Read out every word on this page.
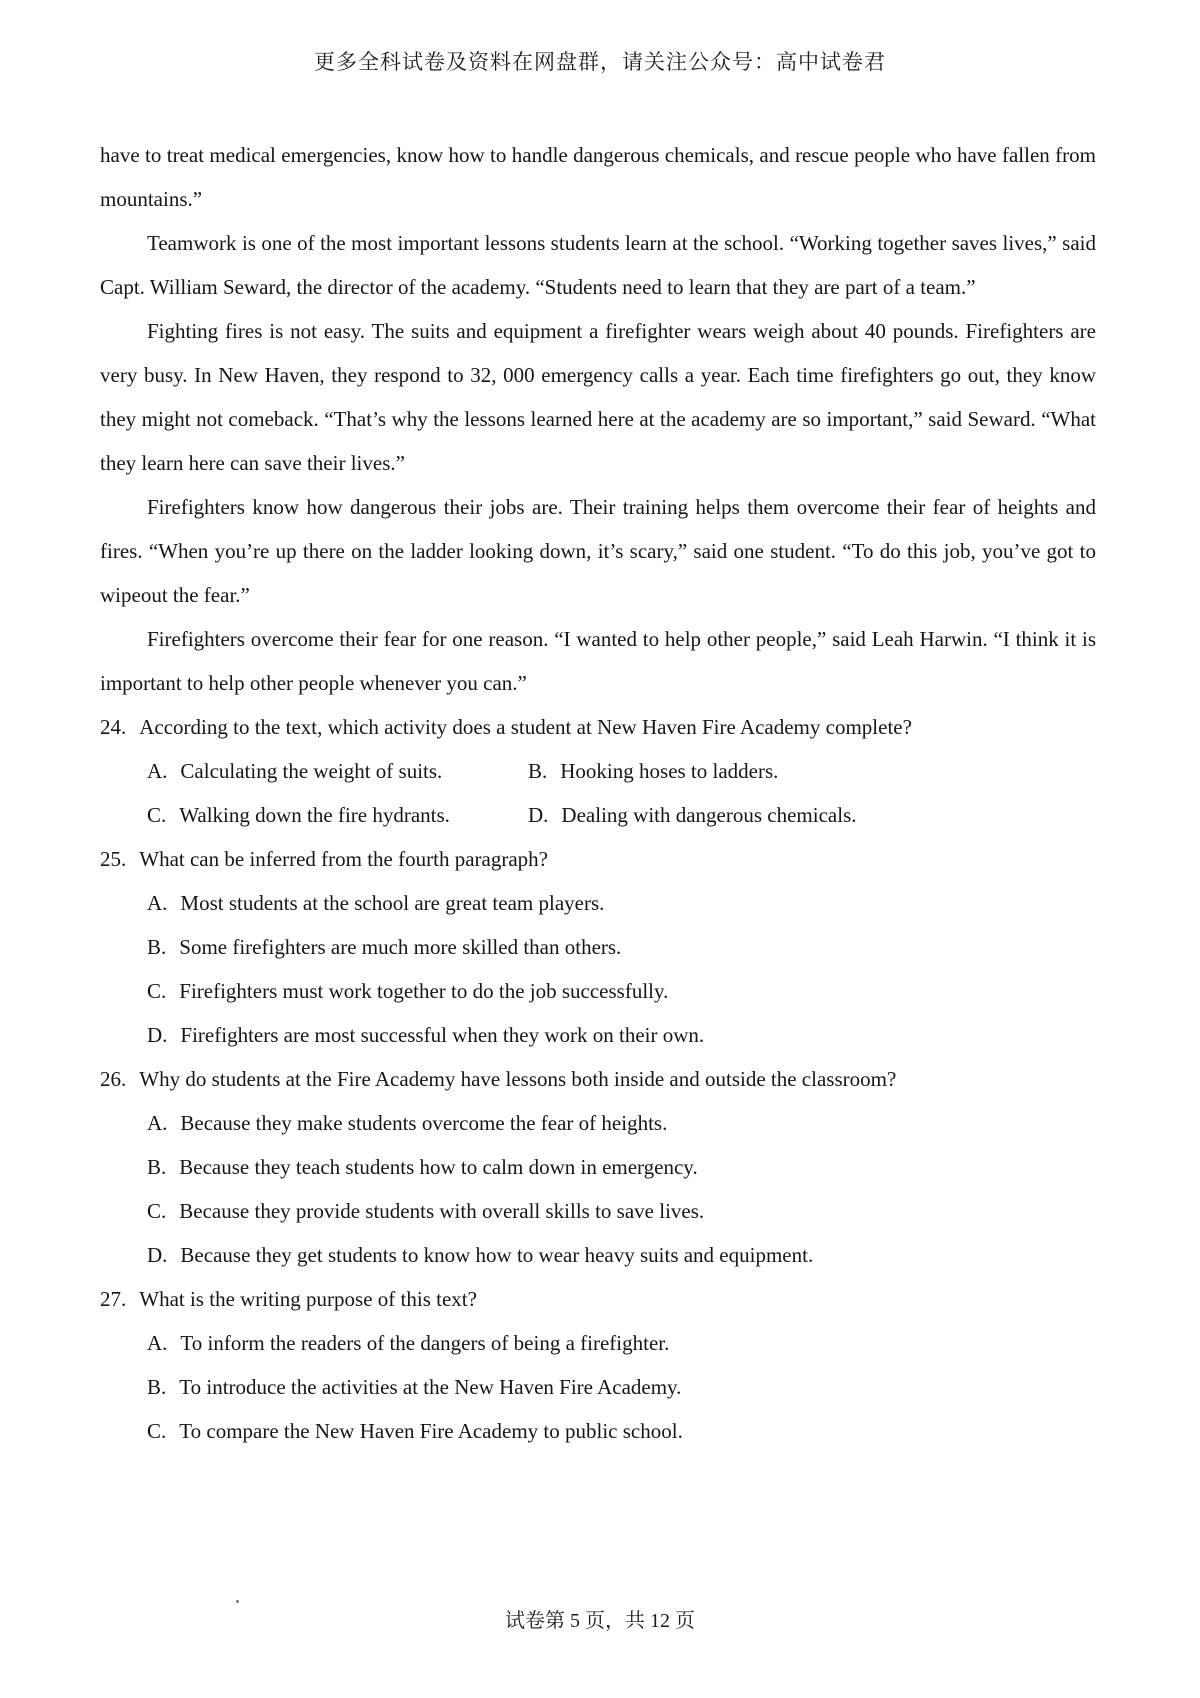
更多全科试卷及资料在网盘群，请关注公众号：高中试卷君

have to treat medical emergencies, know how to handle dangerous chemicals, and rescue people who have fallen from mountains.”

Teamwork is one of the most important lessons students learn at the school. “Working together saves lives,” said Capt. William Seward, the director of the academy. “Students need to learn that they are part of a team.”

Fighting fires is not easy. The suits and equipment a firefighter wears weigh about 40 pounds. Firefighters are very busy. In New Haven, they respond to 32, 000 emergency calls a year. Each time firefighters go out, they know they might not comeback. “That’s why the lessons learned here at the academy are so important,” said Seward. “What they learn here can save their lives.”

Firefighters know how dangerous their jobs are. Their training helps them overcome their fear of heights and fires. “When you’re up there on the ladder looking down, it’s scary,” said one student. “To do this job, you’ve got to wipeout the fear.”

Firefighters overcome their fear for one reason. “I wanted to help other people,” said Leah Harwin. “I think it is important to help other people whenever you can.”

24. According to the text, which activity does a student at New Haven Fire Academy complete?
A. Calculating the weight of suits.	B. Hooking hoses to ladders.
C. Walking down the fire hydrants.	D. Dealing with dangerous chemicals.
25. What can be inferred from the fourth paragraph?
A. Most students at the school are great team players.
B. Some firefighters are much more skilled than others.
C. Firefighters must work together to do the job successfully.
D. Firefighters are most successful when they work on their own.
26. Why do students at the Fire Academy have lessons both inside and outside the classroom?
A. Because they make students overcome the fear of heights.
B. Because they teach students how to calm down in emergency.
C. Because they provide students with overall skills to save lives.
D. Because they get students to know how to wear heavy suits and equipment.
27. What is the writing purpose of this text?
A. To inform the readers of the dangers of being a firefighter.
B. To introduce the activities at the New Haven Fire Academy.
C. To compare the New Haven Fire Academy to public school.
试卷第 5 页，共 12 页
